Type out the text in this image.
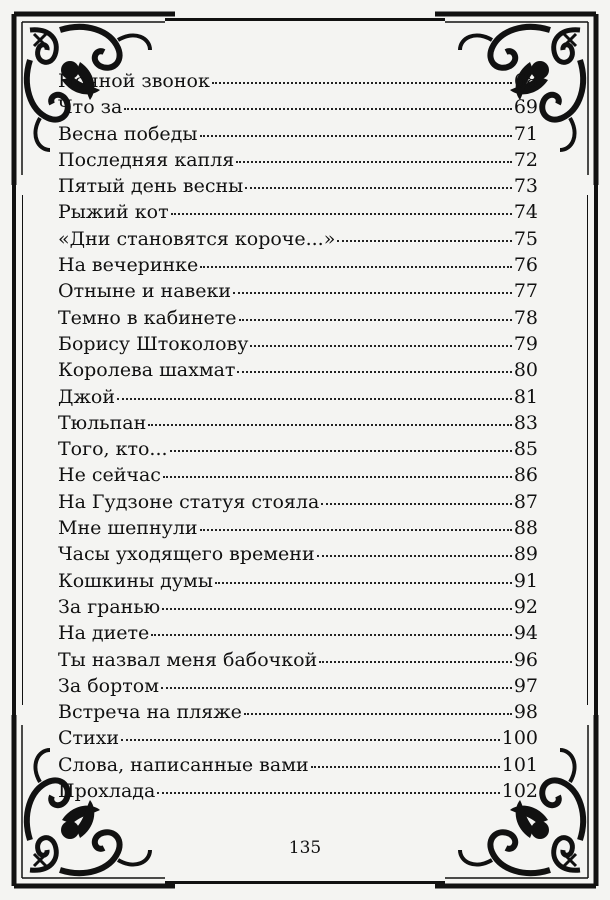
Ночной звонок	68
Что за	69
Весна победы	71
Последняя капля	72
Пятый день весны	73
Рыжий кот	74
«Дни становятся короче...»	75
На вечеринке	76
Отныне и навеки	77
Темно в кабинете	78
Борису Штоколову	79
Королева шахмат	80
Джой	81
Тюльпан	83
Того, кто...	85
Не сейчас	86
На Гудзоне статуя стояла	87
Мне шепнули	88
Часы уходящего времени	89
Кошкины думы	91
За гранью	92
На диете	94
Ты назвал меня бабочкой	96
За бортом	97
Встреча на пляже	98
Стихи	100
Слова, написанные вами	101
Прохлада	102
135
